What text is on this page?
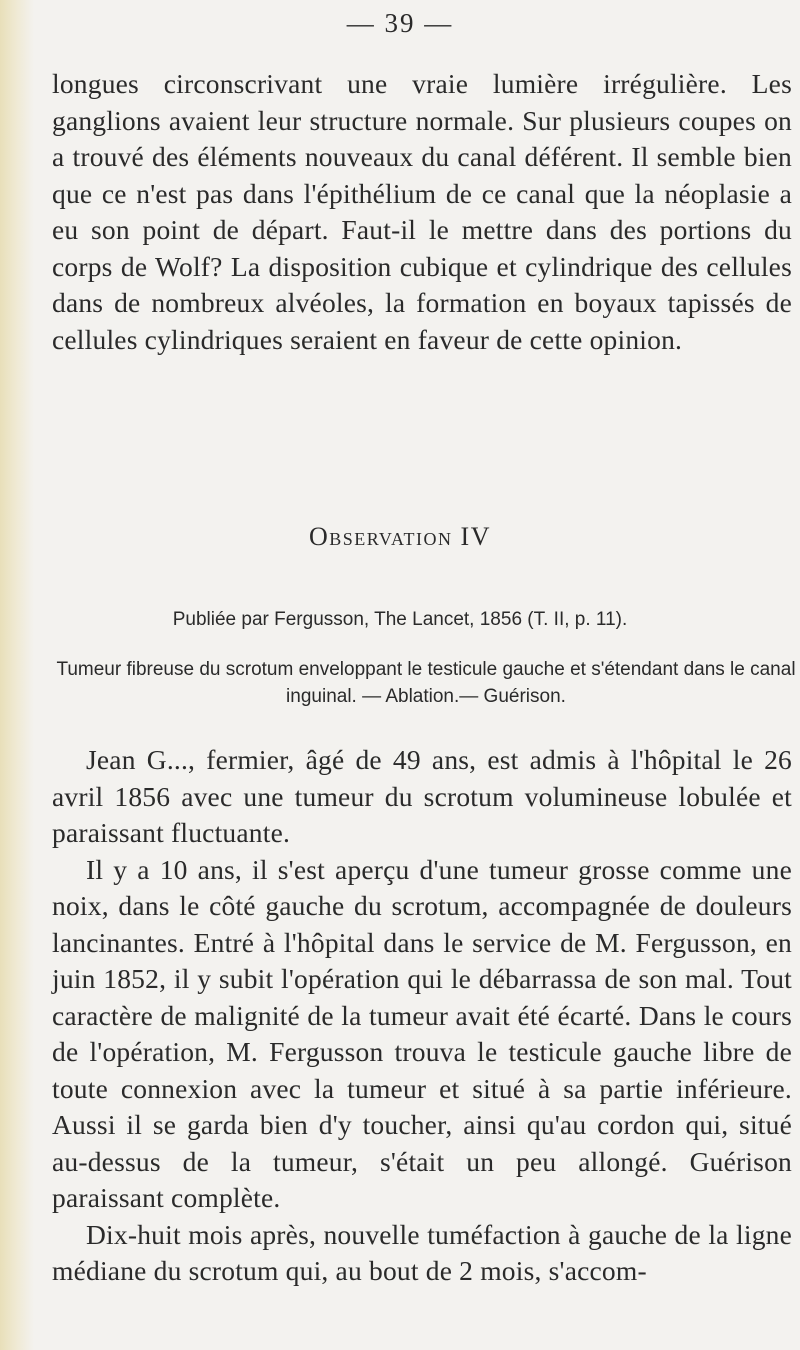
— 39 —

longues circonscrivant une vraie lumière irrégulière. Les ganglions avaient leur structure normale. Sur plusieurs coupes on a trouvé des éléments nouveaux du canal déférent. Il semble bien que ce n'est pas dans l'épithélium de ce canal que la néoplasie a eu son point de départ. Faut-il le mettre dans des portions du corps de Wolf? La disposition cubique et cylindrique des cellules dans de nombreux alvéoles, la formation en boyaux tapissés de cellules cylindriques seraient en faveur de cette opinion.

Observation IV
Publiée par Fergusson, The Lancet, 1856 (T. II, p. 11).
Tumeur fibreuse du scrotum enveloppant le testicule gauche et s'étendant dans le canal inguinal. — Ablation.— Guérison.

Jean G..., fermier, âgé de 49 ans, est admis à l'hôpital le 26 avril 1856 avec une tumeur du scrotum volumineuse lobulée et paraissant fluctuante.

Il y a 10 ans, il s'est aperçu d'une tumeur grosse comme une noix, dans le côté gauche du scrotum, accompagnée de douleurs lancinantes. Entré à l'hôpital dans le service de M. Fergusson, en juin 1852, il y subit l'opération qui le débarrassa de son mal. Tout caractère de malignité de la tumeur avait été écarté. Dans le cours de l'opération, M. Fergusson trouva le testicule gauche libre de toute connexion avec la tumeur et situé à sa partie inférieure. Aussi il se garda bien d'y toucher, ainsi qu'au cordon qui, situé au-dessus de la tumeur, s'était un peu allongé. Guérison paraissant complète.

Dix-huit mois après, nouvelle tuméfaction à gauche de la ligne médiane du scrotum qui, au bout de 2 mois, s'accom-
